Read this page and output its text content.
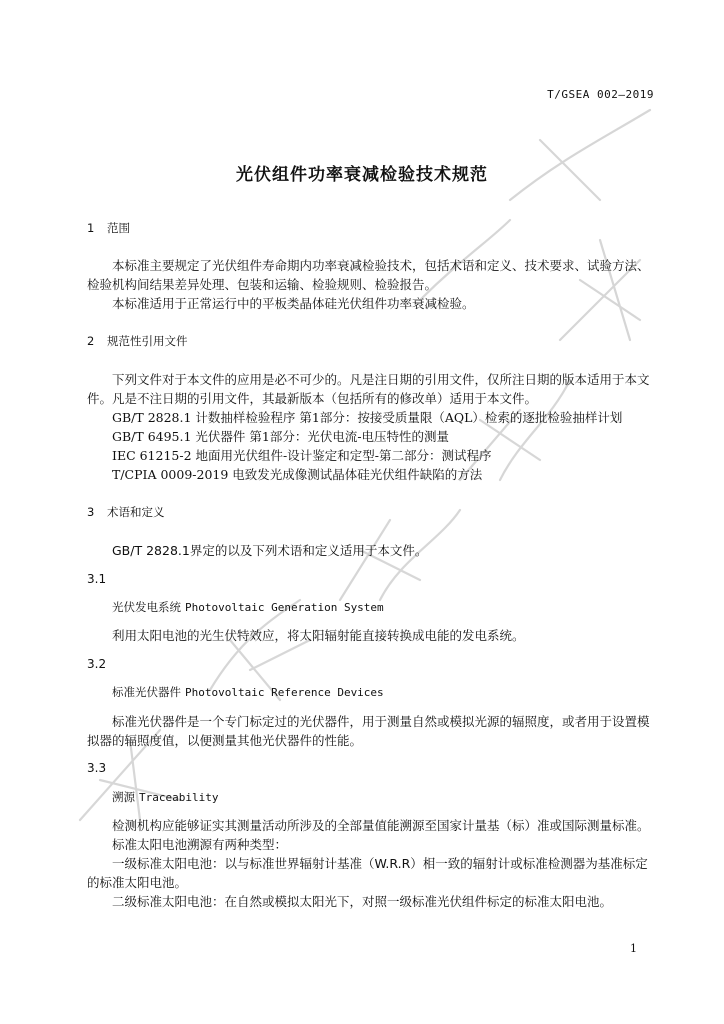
T/GSEA 002—2019
光伏组件功率衰减检验技术规范
1 范围

本标准主要规定了光伏组件寿命期内功率衰减检验技术，包括术语和定义、技术要求、试验方法、检验机构间结果差异处理、包装和运输、检验规则、检验报告。

本标准适用于正常运行中的平板类晶体硅光伏组件功率衰减检验。

2 规范性引用文件

下列文件对于本文件的应用是必不可少的。凡是注日期的引用文件，仅所注日期的版本适用于本文件。凡是不注日期的引用文件，其最新版本（包括所有的修改单）适用于本文件。

GB/T 2828.1 计数抽样检验程序 第1部分：按接受质量限（AQL）检索的逐批检验抽样计划
GB/T 6495.1 光伏器件 第1部分：光伏电流-电压特性的测量
IEC 61215-2 地面用光伏组件-设计鉴定和定型-第二部分：测试程序
T/CPIA 0009-2019 电致发光成像测试晶体硅光伏组件缺陷的方法
3 术语和定义

GB/T 2828.1界定的以及下列术语和定义适用于本文件。

3.1
光伏发电系统 Photovoltaic Generation System

利用太阳电池的光生伏特效应，将太阳辐射能直接转换成电能的发电系统。

3.2
标准光伏器件 Photovoltaic Reference Devices

标准光伏器件是一个专门标定过的光伏器件，用于测量自然或模拟光源的辐照度，或者用于设置模拟器的辐照度值，以便测量其他光伏器件的性能。

3.3
溯源 Traceability

检测机构应能够证实其测量活动所涉及的全部量值能溯源至国家计量基（标）准或国际测量标准。

标准太阳电池溯源有两种类型：

一级标准太阳电池：以与标准世界辐射计基准（W.R.R）相一致的辐射计或标准检测器为基准标定的标准太阳电池。

二级标准太阳电池：在自然或模拟太阳光下，对照一级标准光伏组件标定的标准太阳电池。

1
